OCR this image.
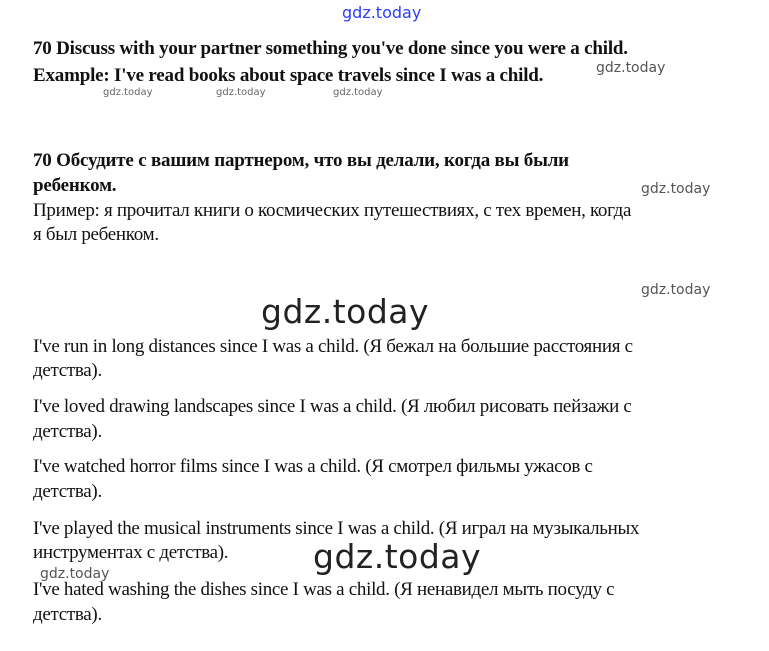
gdz.today
gdz.today
gdz.today	gdz.today	gdz.today
gdz.today
gdz.today
gdz.today
gdz.today
gdz.today
70 Discuss with your partner something you've done since you were a child.
Example: I've read books about space travels since I was a child.
70 Обсудите с вашим партнером, что вы делали, когда вы были
ребенком.
Пример: я прочитал книги о космических путешествиях, с тех времен, когда
я был ребенком.
I've run in long distances since I was a child. (Я бежал на большие расстояния с
детства).
I've loved drawing landscapes since I was a child. (Я любил рисовать пейзажи с
детства).
I've watched horror films since I was a child. (Я смотрел фильмы ужасов с
детства).
I've played the musical instruments since I was a child. (Я играл на музыкальных
инструментах с детства).
I've hated washing the dishes since I was a child. (Я ненавидел мыть посуду с
детства).
